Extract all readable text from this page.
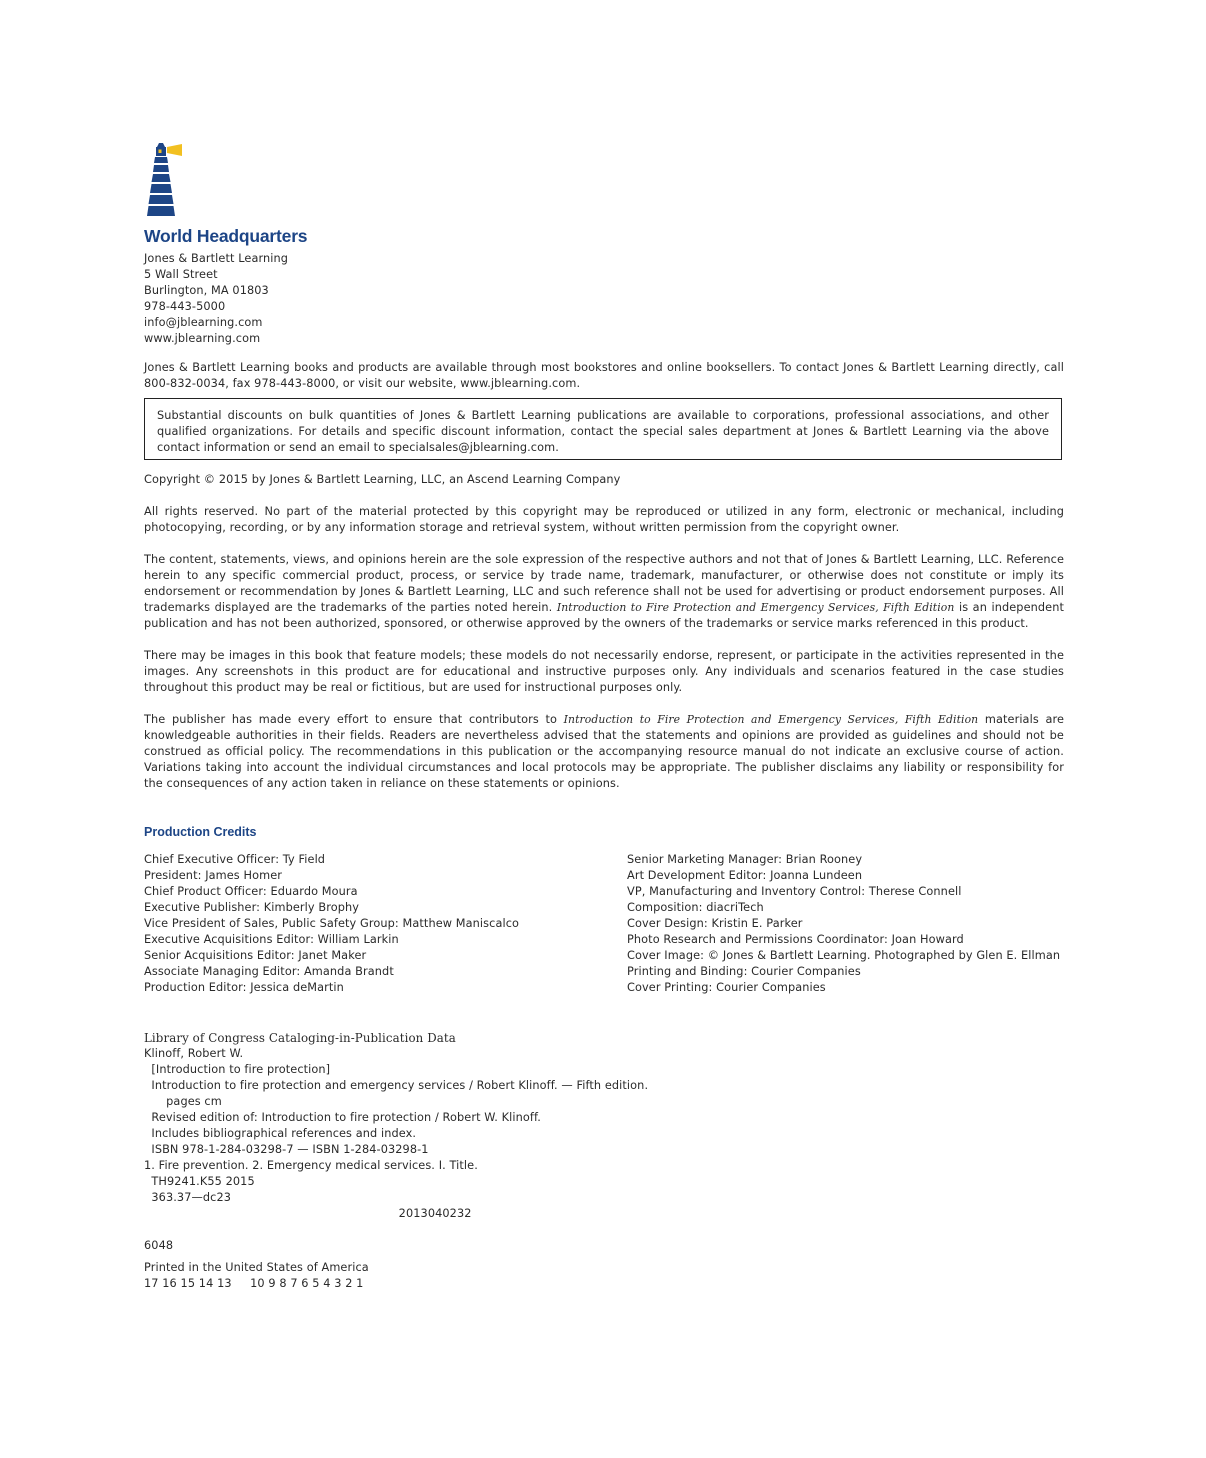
World Headquarters
Jones & Bartlett Learning
5 Wall Street
Burlington, MA 01803
978-443-5000
info@jblearning.com
www.jblearning.com

Jones & Bartlett Learning books and products are available through most bookstores and online booksellers. To contact Jones & Bartlett Learning directly, call 800-832-0034, fax 978-443-8000, or visit our website, www.jblearning.com.

Substantial discounts on bulk quantities of Jones & Bartlett Learning publications are available to corporations, professional associations, and other qualified organizations. For details and specific discount information, contact the special sales department at Jones & Bartlett Learning via the above contact information or send an email to specialsales@jblearning.com.

Copyright © 2015 by Jones & Bartlett Learning, LLC, an Ascend Learning Company

All rights reserved. No part of the material protected by this copyright may be reproduced or utilized in any form, electronic or mechanical, including photocopying, recording, or by any information storage and retrieval system, without written permission from the copyright owner.

The content, statements, views, and opinions herein are the sole expression of the respective authors and not that of Jones & Bartlett Learning, LLC. Reference herein to any specific commercial product, process, or service by trade name, trademark, manufacturer, or otherwise does not constitute or imply its endorsement or recommendation by Jones & Bartlett Learning, LLC and such reference shall not be used for advertising or product endorsement purposes. All trademarks displayed are the trademarks of the parties noted herein. Introduction to Fire Protection and Emergency Services, Fifth Edition is an independent publication and has not been authorized, sponsored, or otherwise approved by the owners of the trademarks or service marks referenced in this product.

There may be images in this book that feature models; these models do not necessarily endorse, represent, or participate in the activities represented in the images. Any screenshots in this product are for educational and instructive purposes only. Any individuals and scenarios featured in the case studies throughout this product may be real or fictitious, but are used for instructional purposes only.

The publisher has made every effort to ensure that contributors to Introduction to Fire Protection and Emergency Services, Fifth Edition materials are knowledgeable authorities in their fields. Readers are nevertheless advised that the statements and opinions are provided as guidelines and should not be construed as official policy. The recommendations in this publication or the accompanying resource manual do not indicate an exclusive course of action. Variations taking into account the individual circumstances and local protocols may be appropriate. The publisher disclaims any liability or responsibility for the consequences of any action taken in reliance on these statements or opinions.

Production Credits
Chief Executive Officer: Ty Field
President: James Homer
Chief Product Officer: Eduardo Moura
Executive Publisher: Kimberly Brophy
Vice President of Sales, Public Safety Group: Matthew Maniscalco
Executive Acquisitions Editor: William Larkin
Senior Acquisitions Editor: Janet Maker
Associate Managing Editor: Amanda Brandt
Production Editor: Jessica deMartin
Senior Marketing Manager: Brian Rooney
Art Development Editor: Joanna Lundeen
VP, Manufacturing and Inventory Control: Therese Connell
Composition: diacriTech
Cover Design: Kristin E. Parker
Photo Research and Permissions Coordinator: Joan Howard
Cover Image: © Jones & Bartlett Learning. Photographed by Glen E. Ellman
Printing and Binding: Courier Companies
Cover Printing: Courier Companies
Library of Congress Cataloging-in-Publication Data
Klinoff, Robert W.
[Introduction to fire protection]
Introduction to fire protection and emergency services / Robert Klinoff. — Fifth edition.
pages cm
Revised edition of: Introduction to fire protection / Robert W. Klinoff.
Includes bibliographical references and index.
ISBN 978-1-284-03298-7 — ISBN 1-284-03298-1
1. Fire prevention. 2. Emergency medical services. I. Title.
TH9241.K55 2015
363.37—dc23
2013040232
6048
Printed in the United States of America
17 16 15 14 13     10 9 8 7 6 5 4 3 2 1
